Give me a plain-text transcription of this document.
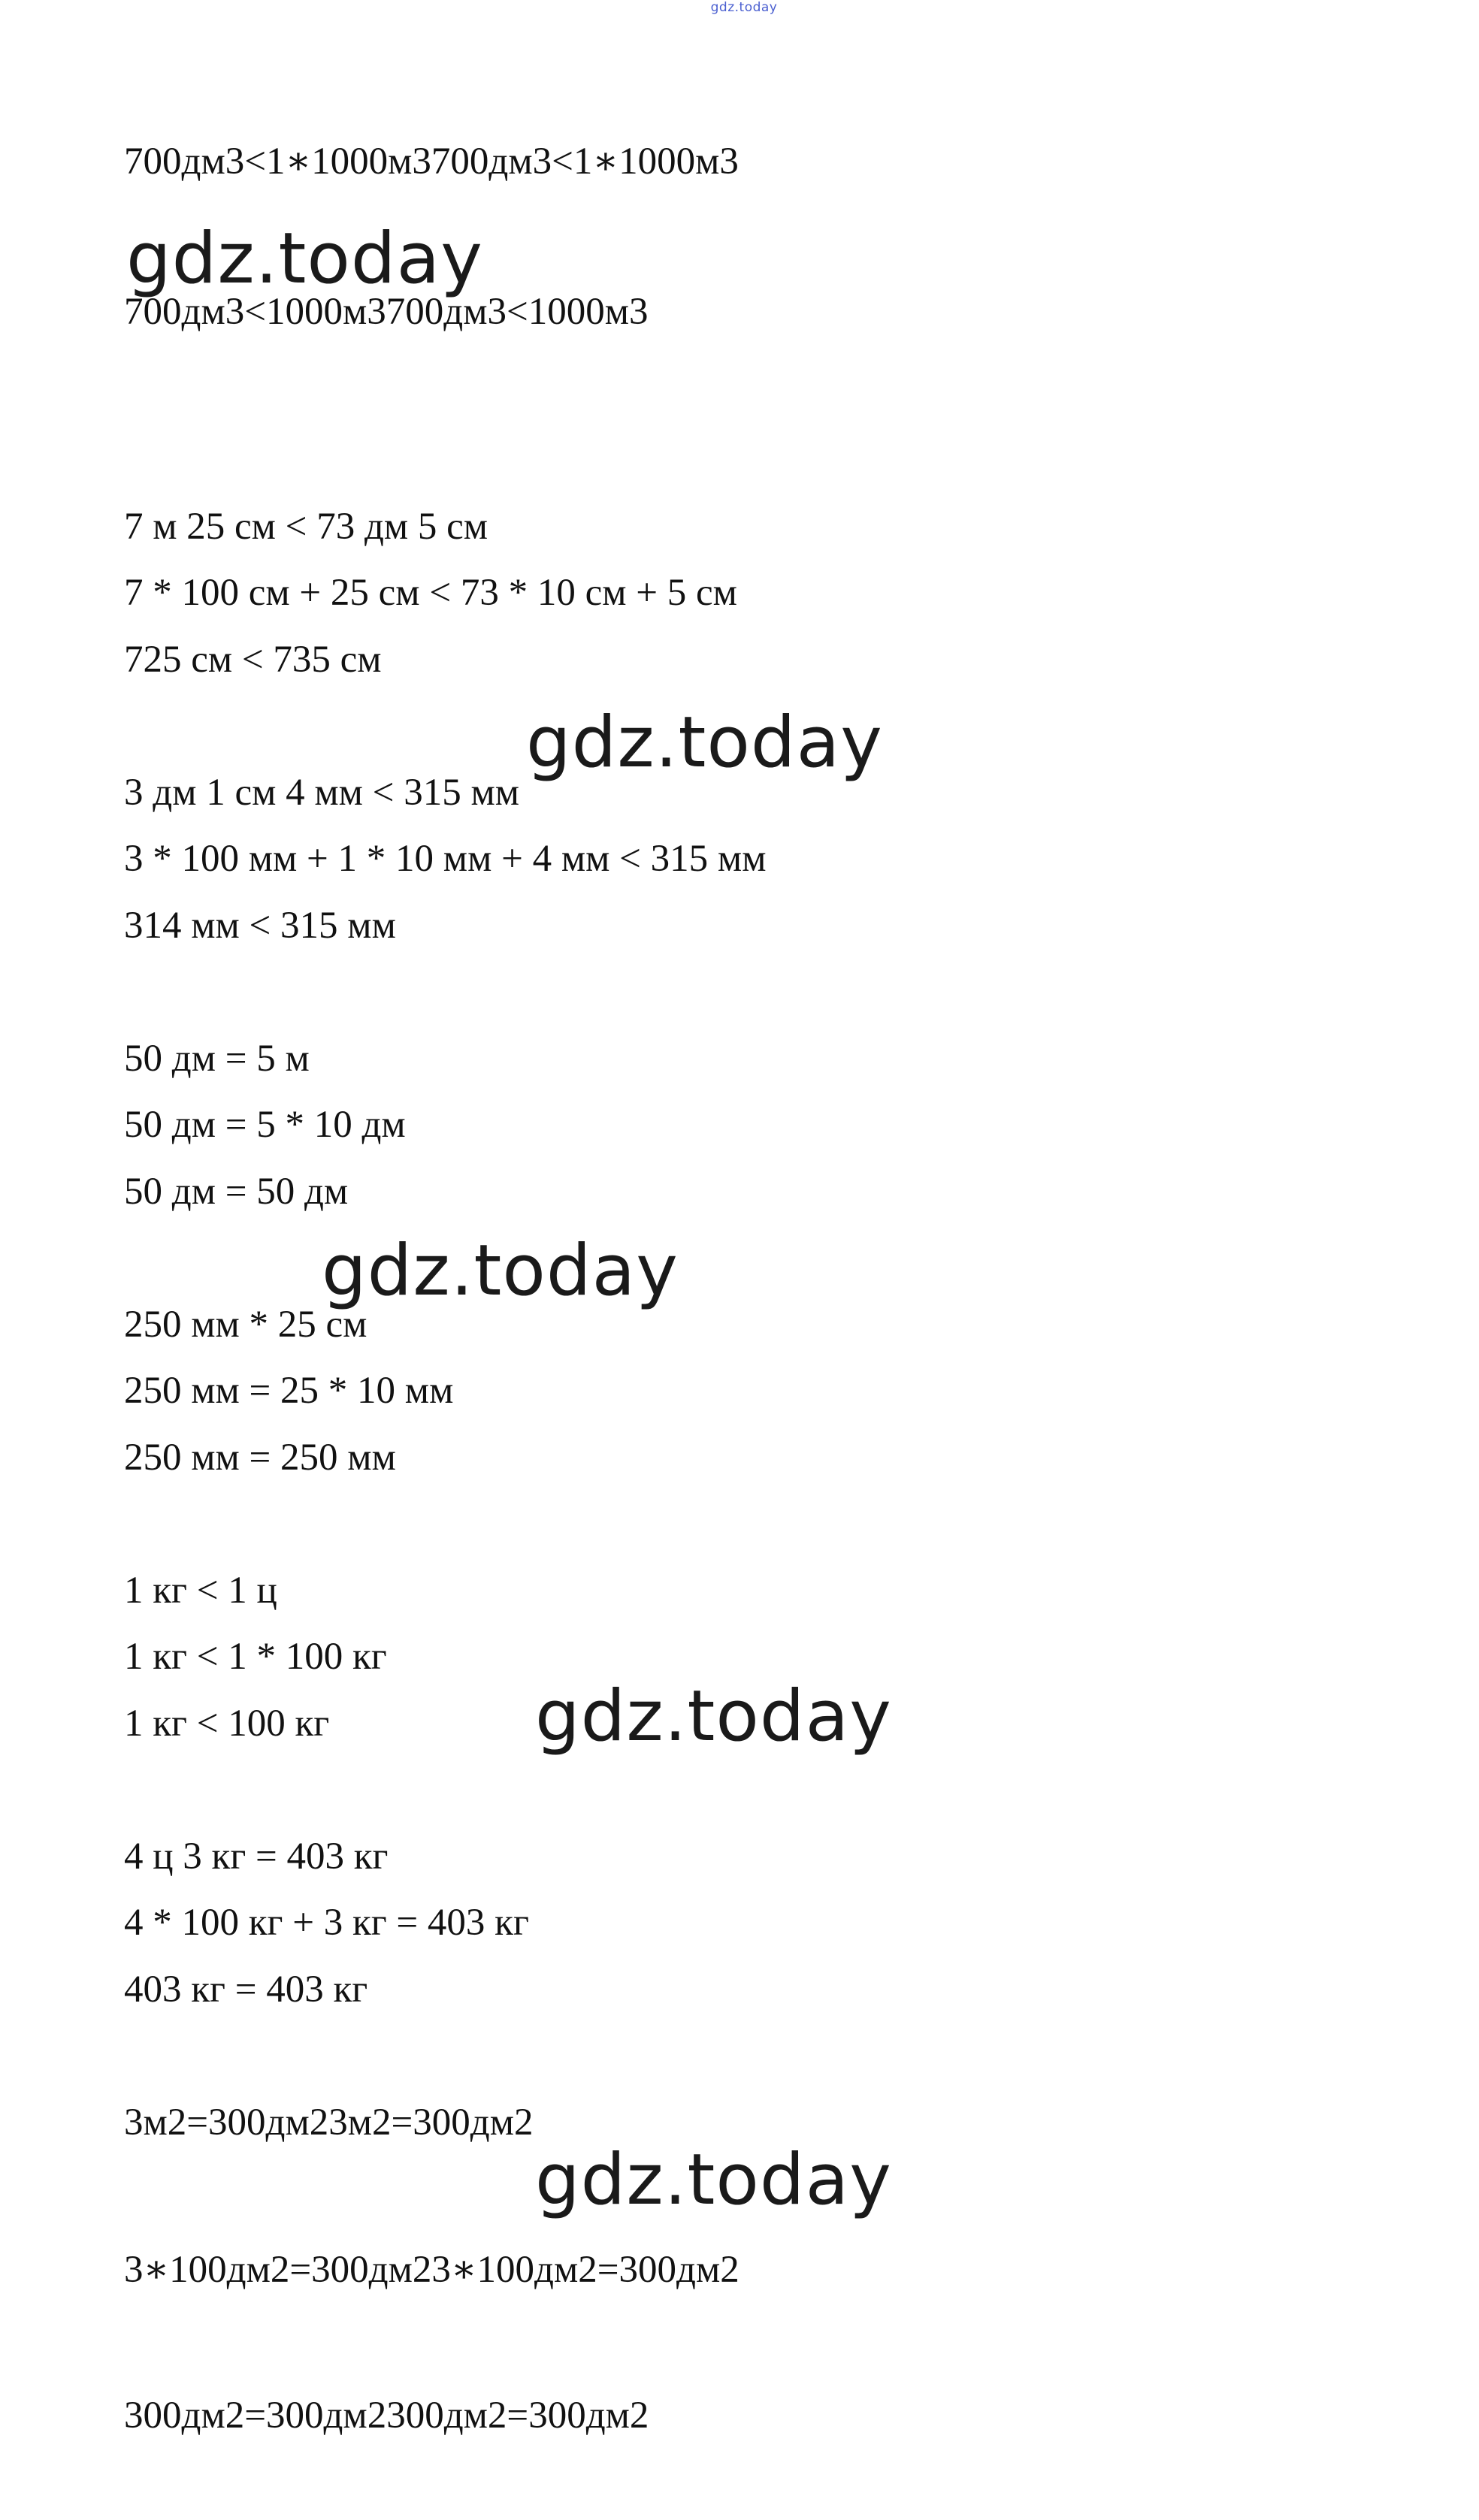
gdz.today
700дм3<1∗1000м3700дм3<1∗1000м3
gdz.today
700дм3<1000м3700дм3<1000м3
7 м 25 см < 73 дм 5 см
7 * 100 см + 25 см < 73 * 10 см + 5 см
725 см < 735 см
gdz.today
3 дм 1 см 4 мм < 315 мм
3 * 100 мм + 1 * 10 мм + 4 мм < 315 мм
314 мм < 315 мм
50 дм = 5 м
50 дм = 5 * 10 дм
50 дм = 50 дм
gdz.today
250 мм * 25 см
250 мм = 25 * 10 мм
250 мм = 250 мм
1 кг < 1 ц
1 кг < 1 * 100 кг
1 кг < 100 кг	gdz.today
4 ц 3 кг = 403 кг
4 * 100 кг + 3 кг = 403 кг
403 кг = 403 кг
3м2=300дм23м2=300дм2
gdz.today
3∗100дм2=300дм23∗100дм2=300дм2
300дм2=300дм2300дм2=300дм2
